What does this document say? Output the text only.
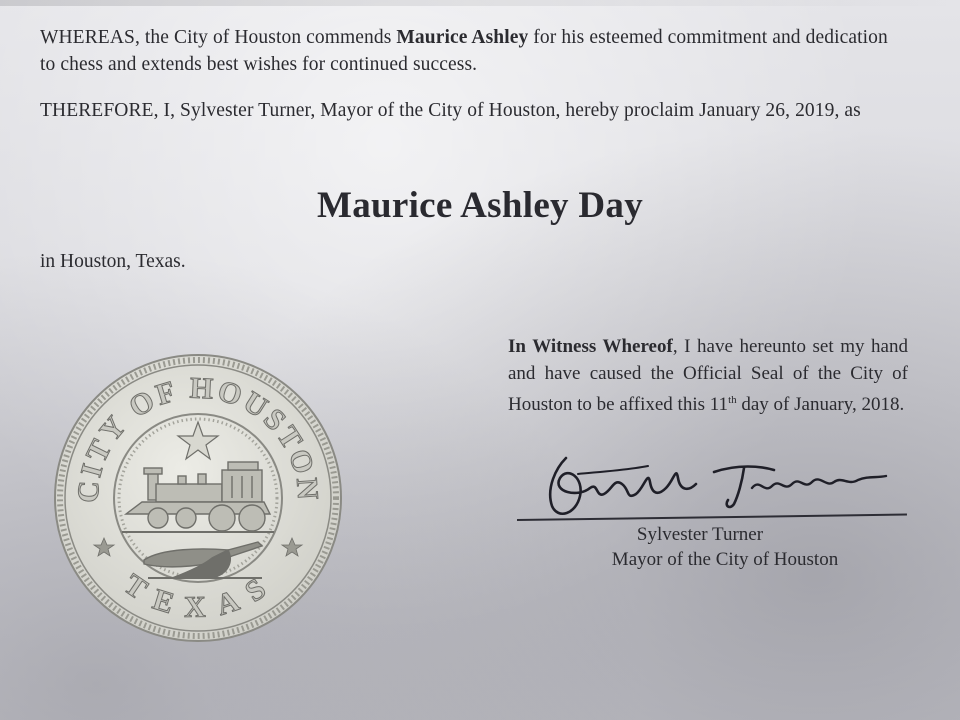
WHEREAS, the City of Houston commends Maurice Ashley for his esteemed commitment and dedication to chess and extends best wishes for continued success.

THEREFORE, I, Sylvester Turner, Mayor of the City of Houston, hereby proclaim January 26, 2019, as

Maurice Ashley Day

in Houston, Texas.

In Witness Whereof, I have hereunto set my hand and have caused the Official Seal of the City of Houston to be affixed this 11th day of January, 2018.

Sylvester Turner

Mayor of the City of Houston

CITY OF HOUSTON
TEXAS
